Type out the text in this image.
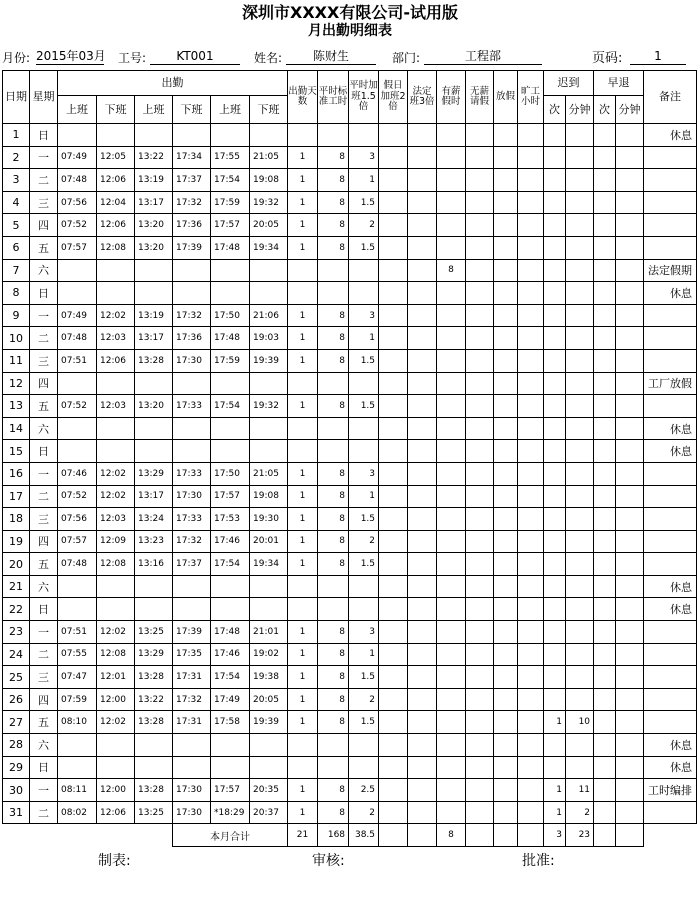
深圳市XXXX有限公司-试用版
月出勤明细表
月份: 2015年03月 工号:	KT001	姓名:	陈财生	部门:	工程部	页码:	1
日期	星期	出勤						出勤天数	平时标准工时	平时加班1.5倍	假日加班2倍	法定班3倍	有薪假时	无薪请假	放假	旷工小时	迟到		早退		备注
		上班	下班	上班	下班	上班	下班										次	分钟	次	分钟	
1	日																				休息
2	一	07:49	12:05	13:22	17:34	17:55	21:05	1	8	3											
3	二	07:48	12:06	13:19	17:37	17:54	19:08	1	8	1											
4	三	07:56	12:04	13:17	17:32	17:59	19:32	1	8	1.5											
5	四	07:52	12:06	13:20	17:36	17:57	20:05	1	8	2											
6	五	07:57	12:08	13:20	17:39	17:48	19:34	1	8	1.5											
7	六												8								法定假期
8	日																				休息
9	一	07:49	12:02	13:19	17:32	17:50	21:06	1	8	3											
10	二	07:48	12:03	13:17	17:36	17:48	19:03	1	8	1											
11	三	07:51	12:06	13:28	17:30	17:59	19:39	1	8	1.5											
12	四																				工厂放假
13	五	07:52	12:03	13:20	17:33	17:54	19:32	1	8	1.5											
14	六																				休息
15	日																				休息
16	一	07:46	12:02	13:29	17:33	17:50	21:05	1	8	3											
17	二	07:52	12:02	13:17	17:30	17:57	19:08	1	8	1											
18	三	07:56	12:03	13:24	17:33	17:53	19:30	1	8	1.5											
19	四	07:57	12:09	13:23	17:32	17:46	20:01	1	8	2											
20	五	07:48	12:08	13:16	17:37	17:54	19:34	1	8	1.5											
21	六																				休息
22	日																				休息
23	一	07:51	12:02	13:25	17:39	17:48	21:01	1	8	3											
24	二	07:55	12:08	13:29	17:35	17:46	19:02	1	8	1											
25	三	07:47	12:01	13:28	17:31	17:54	19:38	1	8	1.5											
26	四	07:59	12:00	13:22	17:32	17:49	20:05	1	8	2											
27	五	08:10	12:02	13:28	17:31	17:58	19:39	1	8	1.5							1	10			
28	六																				休息
29	日																				休息
30	一	08:11	12:00	13:28	17:30	17:57	20:35	1	8	2.5							1	11			工时编排
31	二	08:02	12:06	13:25	17:30	*18:29	20:37	1	8	2							1	2			
					本月合计			21	168	38.5			8				3	23			
制表:	审核:	批准:
